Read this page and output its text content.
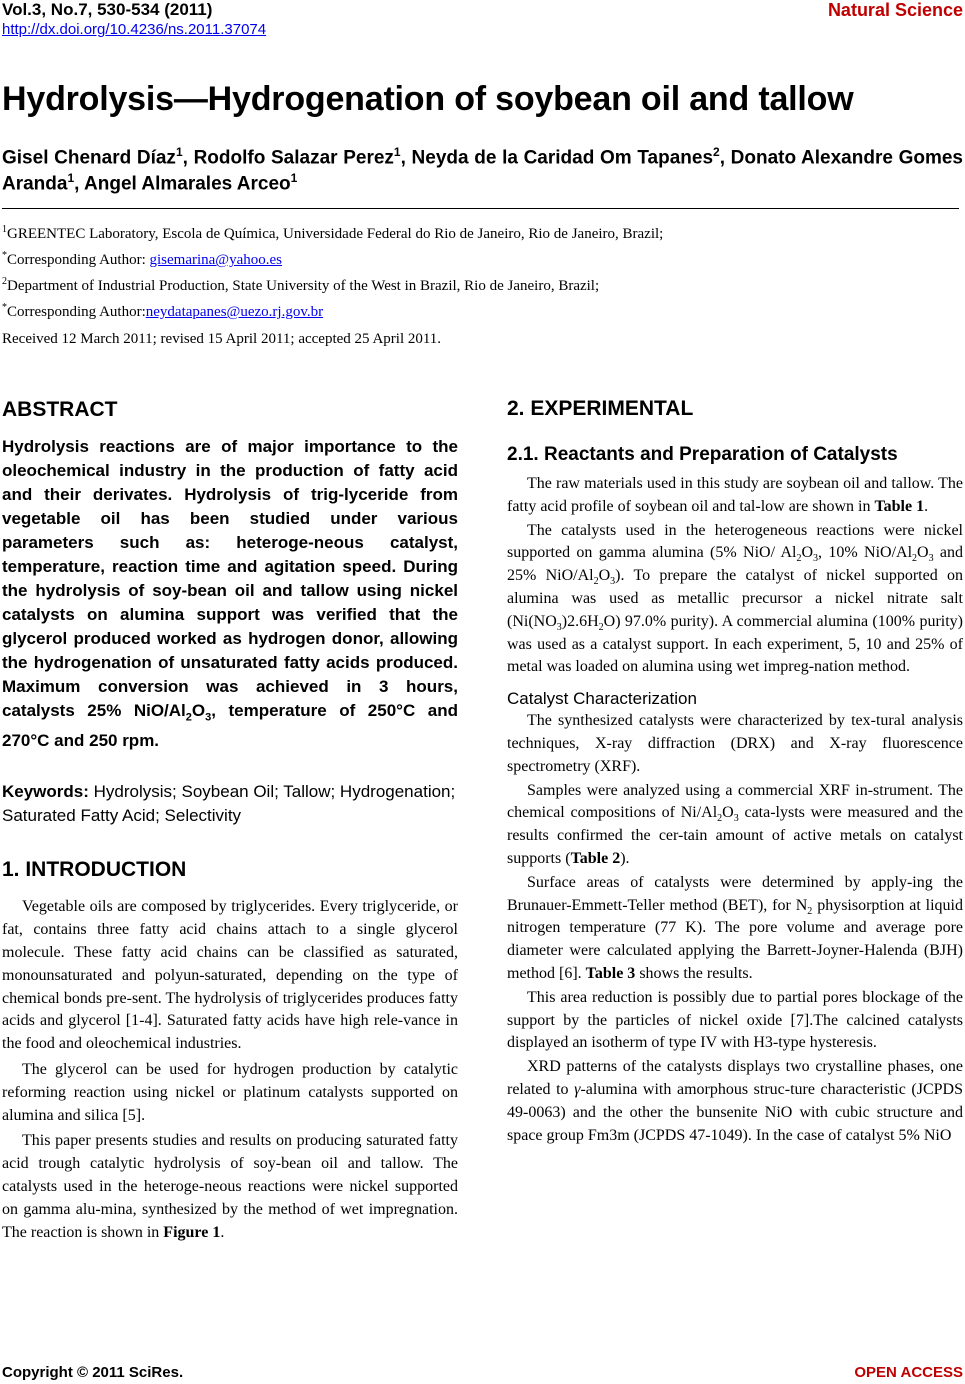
Vol.3, No.7, 530-534 (2011)
http://dx.doi.org/10.4236/ns.2011.37074
Natural Science
Hydrolysis—Hydrogenation of soybean oil and tallow
Gisel Chenard Díaz$^1$, Rodolfo Salazar Perez$^1$, Neyda de la Caridad Om Tapanes$^2$, Donato Alexandre Gomes Aranda$^1$, Angel Almarales Arceo$^1$
$^1$GREENTEC Laboratory, Escola de Química, Universidade Federal do Rio de Janeiro, Rio de Janeiro, Brazil;
*Corresponding Author: gisemarina@yahoo.es
$^2$Department of Industrial Production, State University of the West in Brazil, Rio de Janeiro, Brazil;
*Corresponding Author:neydatapanes@uezo.rj.gov.br
Received 12 March 2011; revised 15 April 2011; accepted 25 April 2011.
ABSTRACT
Hydrolysis reactions are of major importance to the oleochemical industry in the production of fatty acid and their derivates. Hydrolysis of trig-lyceride from vegetable oil has been studied under various parameters such as: heteroge-neous catalyst, temperature, reaction time and agitation speed. During the hydrolysis of soy-bean oil and tallow using nickel catalysts on alumina support was verified that the glycerol produced worked as hydrogen donor, allowing the hydrogenation of unsaturated fatty acids produced. Maximum conversion was achieved in 3 hours, catalysts 25% NiO/$Al_2O_3$, temperature of 250°C and 270°C and 250 rpm.
Keywords: Hydrolysis; Soybean Oil; Tallow; Hydrogenation; Saturated Fatty Acid; Selectivity
1. INTRODUCTION

Vegetable oils are composed by triglycerides. Every triglyceride, or fat, contains three fatty acid chains attach to a single glycerol molecule. These fatty acid chains can be classified as saturated, monounsaturated and polyun-saturated, depending on the type of chemical bonds pre-sent. The hydrolysis of triglycerides produces fatty acids and glycerol [1-4]. Saturated fatty acids have high rele-vance in the food and oleochemical industries.

The glycerol can be used for hydrogen production by catalytic reforming reaction using nickel or platinum catalysts supported on alumina and silica [5].

This paper presents studies and results on producing saturated fatty acid trough catalytic hydrolysis of soy-bean oil and tallow. The catalysts used in the heteroge-neous reactions were nickel supported on gamma alu-mina, synthesized by the method of wet impregnation. The reaction is shown in Figure 1.

2. EXPERIMENTAL
2.1. Reactants and Preparation of Catalysts

The raw materials used in this study are soybean oil and tallow. The fatty acid profile of soybean oil and tal-low are shown in Table 1.

The catalysts used in the heterogeneous reactions were nickel supported on gamma alumina (5% NiO/ $Al_2O_3$, 10% NiO/$Al_2O_3$ and 25% NiO/$Al_2O_3$). To prepare the catalyst of nickel supported on alumina was used as metallic precursor a nickel nitrate salt $(Ni(NO_3)2.6H_2O)$ 97.0% purity). A commercial alumina (100% purity) was used as a catalyst support. In each experiment, 5, 10 and 25% of metal was loaded on alumina using wet impreg-nation method.

Catalyst Characterization

The synthesized catalysts were characterized by tex-tural analysis techniques, X-ray diffraction (DRX) and X-ray fluorescence spectrometry (XRF).

Samples were analyzed using a commercial XRF in-strument. The chemical compositions of $Ni/Al_2O_3$ cata-lysts were measured and the results confirmed the cer-tain amount of active metals on catalyst supports (Table 2).

Surface areas of catalysts were determined by apply-ing the Brunauer-Emmett-Teller method (BET), for $N_2$ physisorption at liquid nitrogen temperature (77 K). The pore volume and average pore diameter were calculated applying the Barrett-Joyner-Halenda (BJH) method [6]. Table 3 shows the results.

This area reduction is possibly due to partial pores blockage of the support by the particles of nickel oxide [7].The calcined catalysts displayed an isotherm of type IV with H3-type hysteresis.

XRD patterns of the catalysts displays two crystalline phases, one related to γ-alumina with amorphous struc-ture characteristic (JCPDS 49-0063) and the other the bunsenite NiO with cubic structure and space group Fm3m (JCPDS 47-1049). In the case of catalyst 5% NiO

Copyright © 2011 SciRes.	OPEN ACCESS
